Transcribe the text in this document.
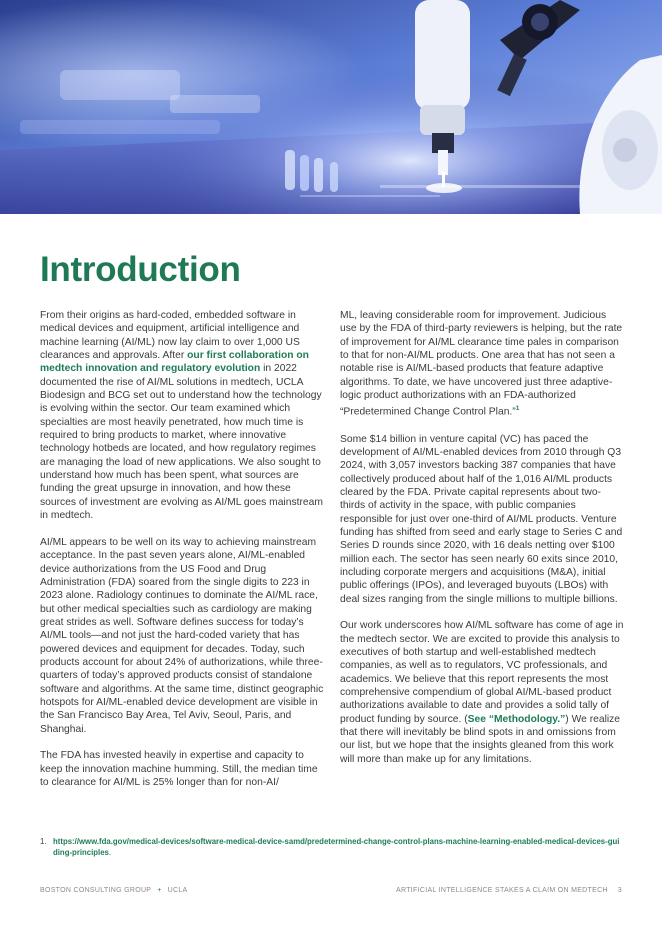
Introduction

From their origins as hard-coded, embedded software in medical devices and equipment, artificial intelligence and machine learning (AI/ML) now lay claim to over 1,000 US clearances and approvals. After our first collaboration on medtech innovation and regulatory evolution in 2022 documented the rise of AI/ML solutions in medtech, UCLA Biodesign and BCG set out to understand how the technology is evolving within the sector. Our team examined which specialties are most heavily penetrated, how much time is required to bring products to market, where innovative technology hotbeds are located, and how regulatory regimes are managing the load of new applications. We also sought to understand how much has been spent, what sources are funding the great upsurge in innovation, and how these sources of investment are evolving as AI/ML goes mainstream in medtech.

AI/ML appears to be well on its way to achieving mainstream acceptance. In the past seven years alone, AI/ML-enabled device authorizations from the US Food and Drug Administration (FDA) soared from the single digits to 223 in 2023 alone. Radiology continues to dominate the AI/ML race, but other medical specialties such as cardiology are making great strides as well. Software defines success for today’s AI/ML tools—and not just the hard-coded variety that has powered devices and equipment for decades. Today, such products account for about 24% of authorizations, while three-quarters of today’s approved products consist of standalone software and algorithms. At the same time, distinct geographic hotspots for AI/ML-enabled device development are visible in the San Francisco Bay Area, Tel Aviv, Seoul, Paris, and Shanghai.

The FDA has invested heavily in expertise and capacity to keep the innovation machine humming. Still, the median time to clearance for AI/ML is 25% longer than for non-AI/

ML, leaving considerable room for improvement. Judicious use by the FDA of third-party reviewers is helping, but the rate of improvement for AI/ML clearance time pales in comparison to that for non-AI/ML products. One area that has not seen a notable rise is AI/ML-based products that feature adaptive algorithms. To date, we have uncovered just three adaptive-logic product authorizations with an FDA-authorized “Predetermined Change Control Plan.”$^1$

Some $14 billion in venture capital (VC) has paced the development of AI/ML-enabled devices from 2010 through Q3 2024, with 3,057 investors backing 387 companies that have collectively produced about half of the 1,016 AI/ML products cleared by the FDA. Private capital represents about two-thirds of activity in the space, with public companies responsible for just over one-third of AI/ML products. Venture funding has shifted from seed and early stage to Series C and Series D rounds since 2020, with 16 deals netting over $100 million each. The sector has seen nearly 60 exits since 2010, including corporate mergers and acquisitions (M&A), initial public offerings (IPOs), and leveraged buyouts (LBOs) with deal sizes ranging from the single millions to multiple billions.

Our work underscores how AI/ML software has come of age in the medtech sector. We are excited to provide this analysis to executives of both startup and well-established medtech companies, as well as to regulators, VC professionals, and academics. We believe that this report represents the most comprehensive compendium of global AI/ML-based product authorizations available to date and provides a solid tally of product funding by source. (See “Methodology.”) We realize that there will inevitably be blind spots in and omissions from our list, but we hope that the insights gleaned from this work will more than make up for any limitations.

1. https://www.fda.gov/medical-devices/software-medical-device-samd/predetermined-change-control-plans-machine-learning-enabled-medical-devices-guiding-principles.
BOSTON CONSULTING GROUP + UCLA	ARTIFICIAL INTELLIGENCE STAKES A CLAIM ON MEDTECH 3
